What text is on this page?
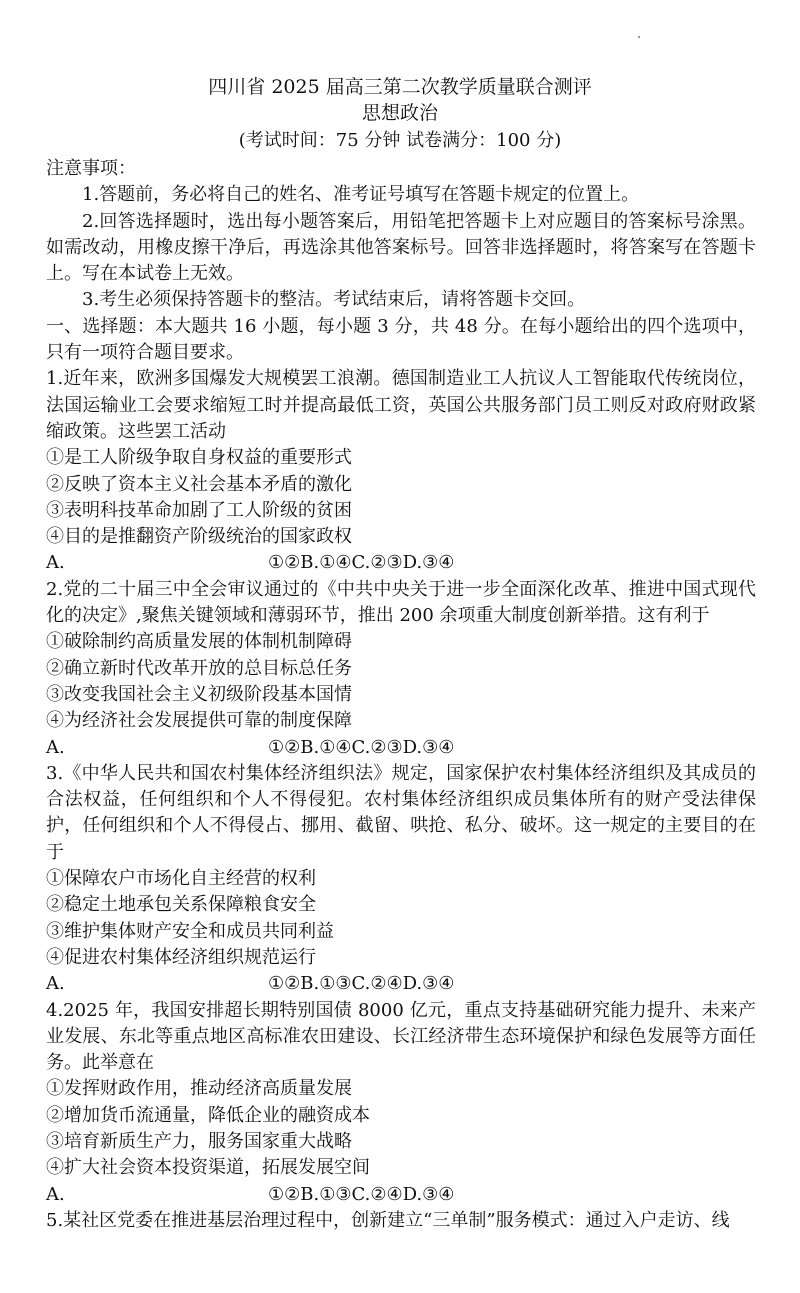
四川省 2025 届高三第二次教学质量联合测评
思想政治
(考试时间：75 分钟 试卷满分：100 分)

注意事项：

1.答题前，务必将自己的姓名、准考证号填写在答题卡规定的位置上。

2.回答选择题时，选出每小题答案后，用铅笔把答题卡上对应题目的答案标号涂黑。如需改动，用橡皮擦干净后，再选涂其他答案标号。回答非选择题时，将答案写在答题卡上。写在本试卷上无效。

3.考生必须保持答题卡的整洁。考试结束后，请将答题卡交回。

一、选择题：本大题共 16 小题，每小题 3 分，共 48 分。在每小题给出的四个选项中，只有一项符合题目要求。

1.近年来，欧洲多国爆发大规模罢工浪潮。德国制造业工人抗议人工智能取代传统岗位，法国运输业工会要求缩短工时并提高最低工资，英国公共服务部门员工则反对政府财政紧缩政策。这些罢工活动

①是工人阶级争取自身权益的重要形式

②反映了资本主义社会基本矛盾的激化

③表明科技革命加剧了工人阶级的贫困

④目的是推翻资产阶级统治的国家政权

A.	①②B.①④C.②③D.③④

2.党的二十届三中全会审议通过的《中共中央关于进一步全面深化改革、推进中国式现代化的决定》,聚焦关键领域和薄弱环节，推出 200 余项重大制度创新举措。这有利于

①破除制约高质量发展的体制机制障碍

②确立新时代改革开放的总目标总任务

③改变我国社会主义初级阶段基本国情

④为经济社会发展提供可靠的制度保障

A.	①②B.①④C.②③D.③④

3.《中华人民共和国农村集体经济组织法》规定，国家保护农村集体经济组织及其成员的合法权益，任何组织和个人不得侵犯。农村集体经济组织成员集体所有的财产受法律保护，任何组织和个人不得侵占、挪用、截留、哄抢、私分、破坏。这一规定的主要目的在于

①保障农户市场化自主经营的权利

②稳定土地承包关系保障粮食安全

③维护集体财产安全和成员共同利益

④促进农村集体经济组织规范运行

A.	①②B.①③C.②④D.③④

4.2025 年，我国安排超长期特别国债 8000 亿元，重点支持基础研究能力提升、未来产业发展、东北等重点地区高标准农田建设、长江经济带生态环境保护和绿色发展等方面任务。此举意在

①发挥财政作用，推动经济高质量发展

②增加货币流通量，降低企业的融资成本

③培育新质生产力，服务国家重大战略

④扩大社会资本投资渠道，拓展发展空间

A.	①②B.①③C.②④D.③④

5.某社区党委在推进基层治理过程中，创新建立“三单制”服务模式：通过入户走访、线
